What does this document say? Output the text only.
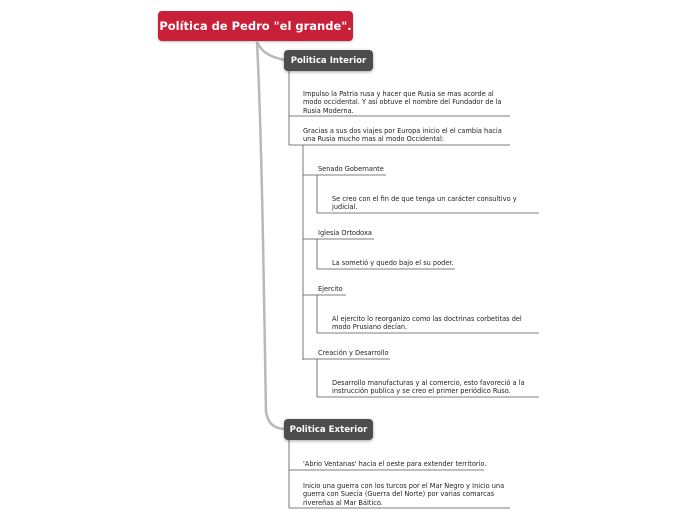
Política de Pedro "el grande".
Politica Interior
Impulso la Patria rusa y hacer que Rusia se mas acorde al
modo occidental. Y así obtuve el nombre del Fundador de la
Rusia Moderna.
Gracias a sus dos viajes por Europa inicio el el cambia hacia
una Rusia mucho mas al modo Occidental:
Senado Gobernante
Se creo con el fin de que tenga un carácter consultivo y
judicial.
Iglesia Ortodoxa
La sometió y quedo bajo el su poder.
Ejercito
Al ejercito lo reorganizo como las doctrinas corbetitas del
modo Prusiano decían.
Creación y Desarrollo
Desarrollo manufacturas y al comercio, esto favoreció a la
instrucción publica y se creo el primer periódico Ruso.
Politica Exterior
'Abrio Ventanas' hacia el oeste para extender territorio.
Inicio una guerra con los turcos por el Mar Negro y Inicio una
guerra con Suecia (Guerra del Norte) por varias comarcas
rivereñas al Mar Báltico.
